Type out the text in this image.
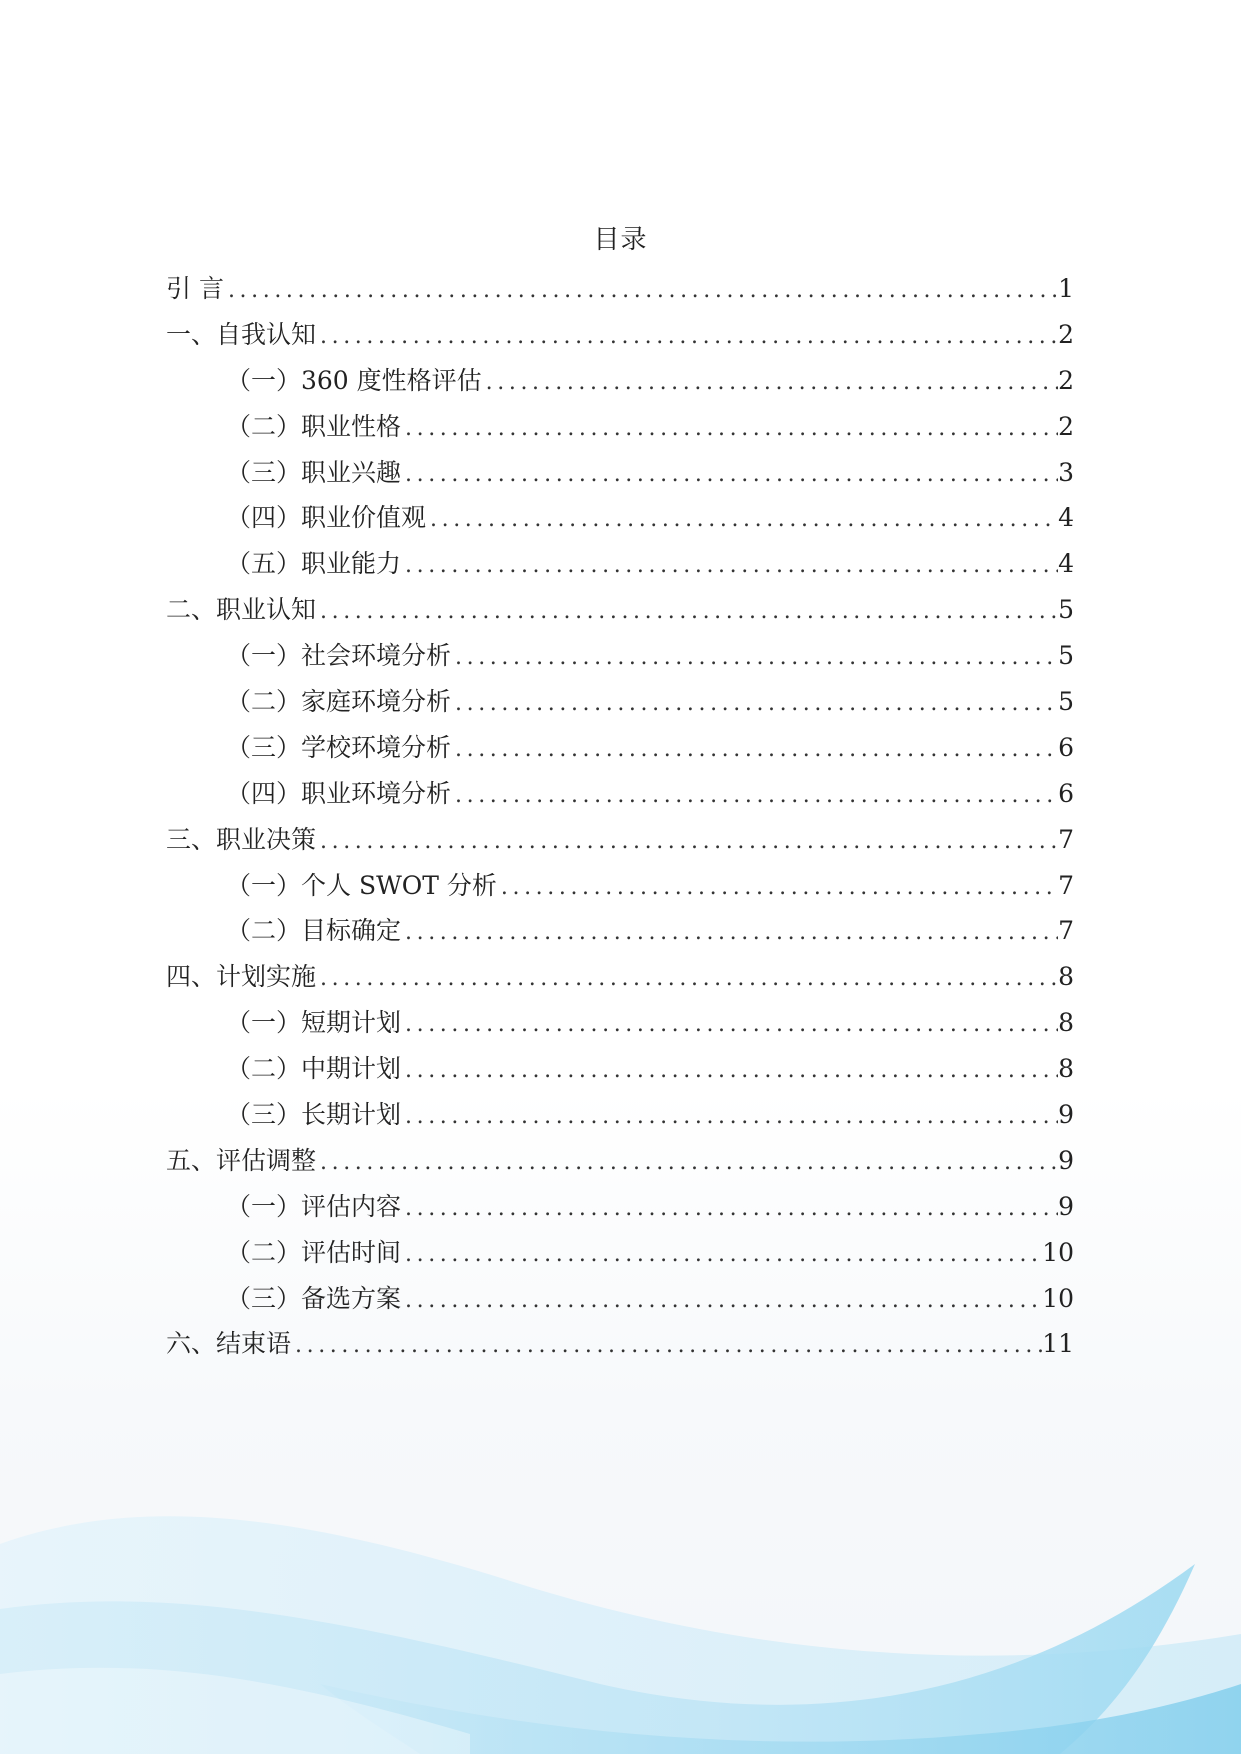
目录
引 言 .....	1
一、自我认知 .....	2
（一）360 度性格评估 .....	2
（二）职业性格 .....	2
（三）职业兴趣 .....	3
（四）职业价值观 .....	4
（五）职业能力 .....	4
二、职业认知 .....	5
（一）社会环境分析 .....	5
（二）家庭环境分析 .....	5
（三）学校环境分析 .....	6
（四）职业环境分析 .....	6
三、职业决策 .....	7
（一）个人 SWOT 分析 .....	7
（二）目标确定 .....	7
四、计划实施 .....	8
（一）短期计划 .....	8
（二）中期计划 .....	8
（三）长期计划 .....	9
五、评估调整 .....	9
（一）评估内容 .....	9
（二）评估时间 .....	10
（三）备选方案 .....	10
六、结束语 .....	11
